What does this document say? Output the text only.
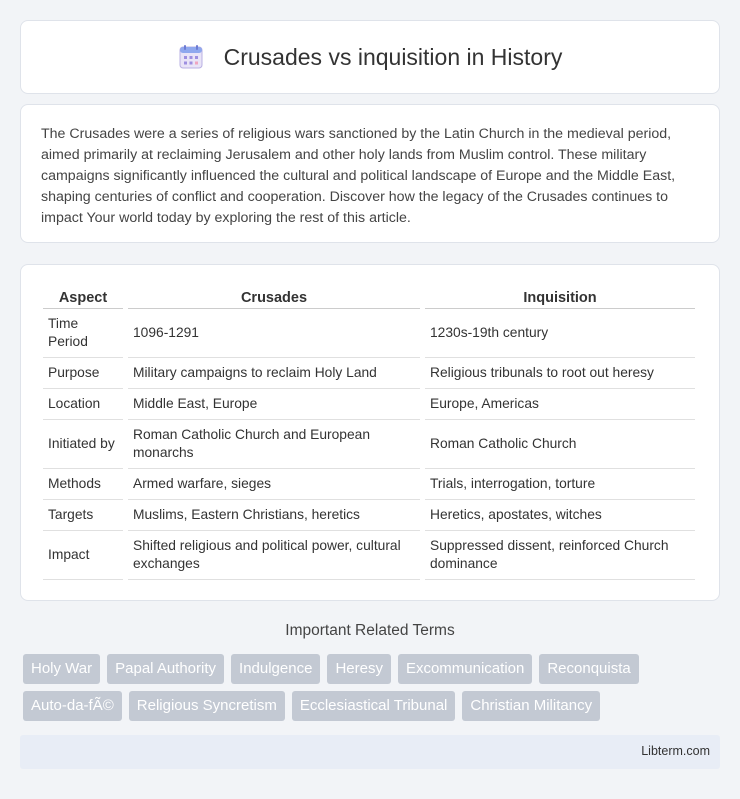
Crusades vs inquisition in History

The Crusades were a series of religious wars sanctioned by the Latin Church in the medieval period, aimed primarily at reclaiming Jerusalem and other holy lands from Muslim control. These military campaigns significantly influenced the cultural and political landscape of Europe and the Middle East, shaping centuries of conflict and cooperation. Discover how the legacy of the Crusades continues to impact Your world today by exploring the rest of this article.

Aspect	Crusades	Inquisition
Time Period	1096-1291	1230s-19th century
Purpose	Military campaigns to reclaim Holy Land	Religious tribunals to root out heresy
Location	Middle East, Europe	Europe, Americas
Initiated by	Roman Catholic Church and European monarchs	Roman Catholic Church
Methods	Armed warfare, sieges	Trials, interrogation, torture
Targets	Muslims, Eastern Christians, heretics	Heretics, apostates, witches
Impact	Shifted religious and political power, cultural exchanges	Suppressed dissent, reinforced Church dominance
Important Related Terms
Holy War	Papal Authority	Indulgence	Heresy	Excommunication	Reconquista
Auto-da-fÃ©	Religious Syncretism	Ecclesiastical Tribunal	Christian Militancy
Libterm.com
